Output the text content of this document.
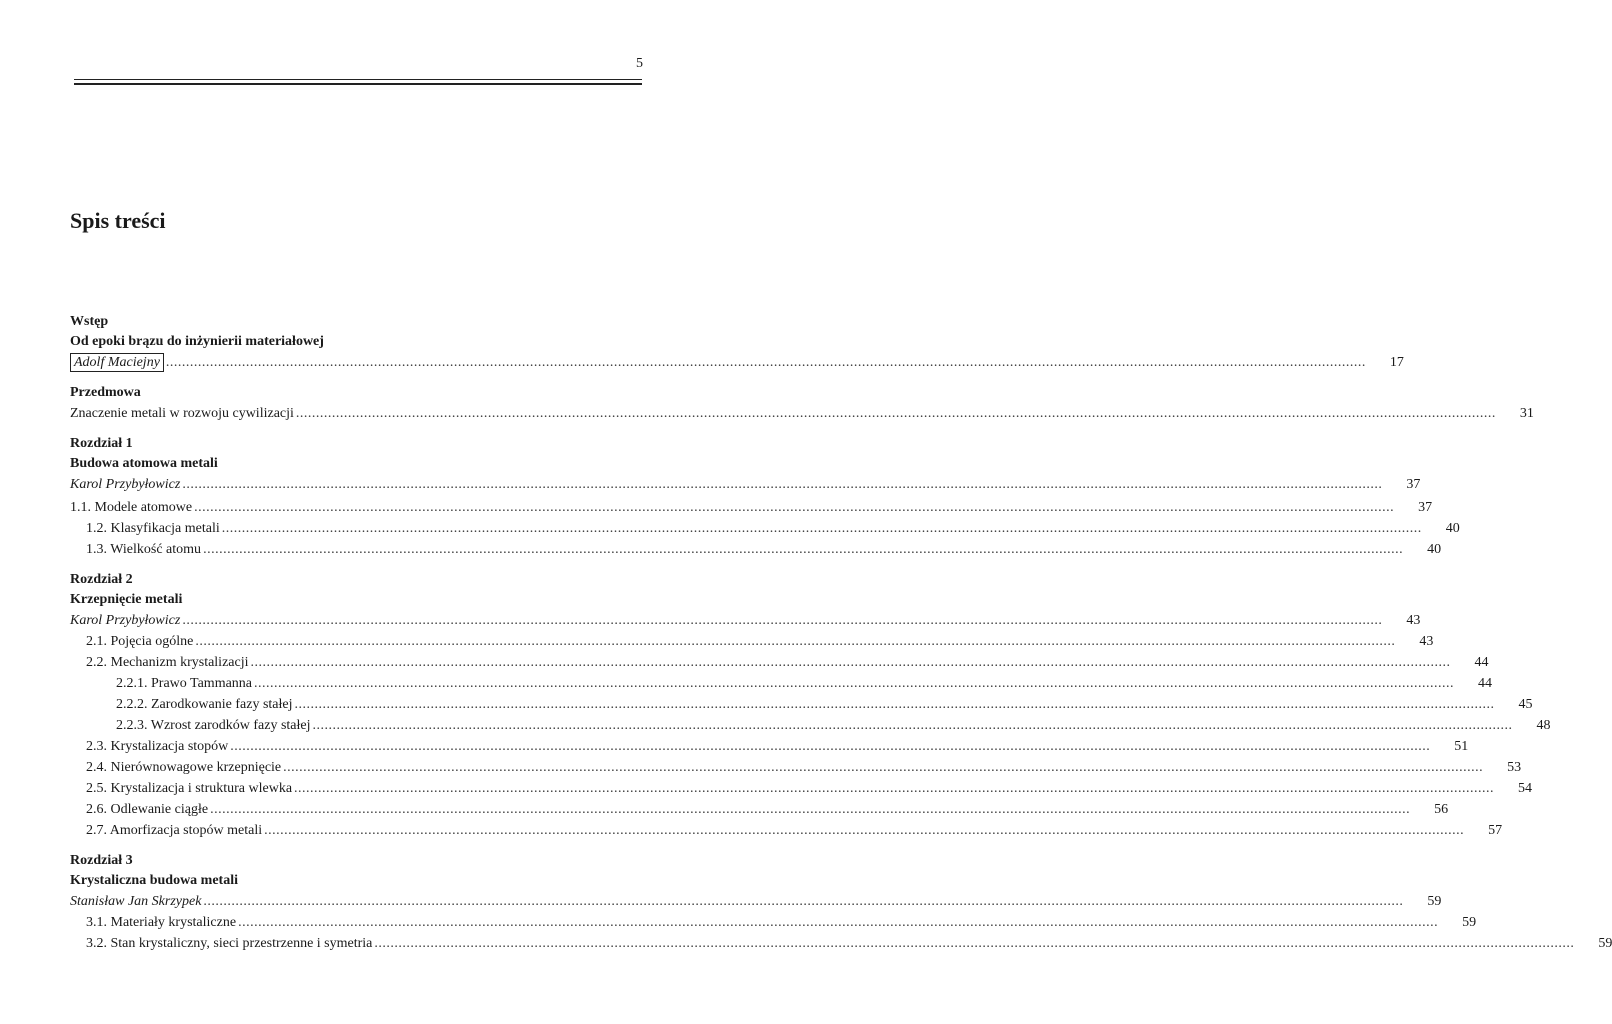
5
Spis treści
Wstęp
Od epoki brązu do inżynierii materiałowej
Adolf Maciejny ............................................................................................................................................................................................................................................................................................................	17
Przedmowa
Znaczenie metali w rozwoju cywilizacji ............................................................................................................................................................................................................................................................................................................	31
Rozdział 1
Budowa atomowa metali
Karol Przybyłowicz ............................................................................................................................................................................................................................................................................................................	37
1.1. Modele atomowe ............................................................................................................................................................................................................................................................................................................	37
1.2. Klasyfikacja metali ............................................................................................................................................................................................................................................................................................................	40
1.3. Wielkość atomu ............................................................................................................................................................................................................................................................................................................	40
Rozdział 2
Krzepnięcie metali
Karol Przybyłowicz ............................................................................................................................................................................................................................................................................................................	43
2.1. Pojęcia ogólne ............................................................................................................................................................................................................................................................................................................	43
2.2. Mechanizm krystalizacji ............................................................................................................................................................................................................................................................................................................	44
2.2.1. Prawo Tammanna ............................................................................................................................................................................................................................................................................................................	44
2.2.2. Zarodkowanie fazy stałej ............................................................................................................................................................................................................................................................................................................	45
2.2.3. Wzrost zarodków fazy stałej ............................................................................................................................................................................................................................................................................................................	48
2.3. Krystalizacja stopów ............................................................................................................................................................................................................................................................................................................	51
2.4. Nierównowagowe krzepnięcie ............................................................................................................................................................................................................................................................................................................	53
2.5. Krystalizacja i struktura wlewka ............................................................................................................................................................................................................................................................................................................	54
2.6. Odlewanie ciągłe ............................................................................................................................................................................................................................................................................................................	56
2.7. Amorfizacja stopów metali ............................................................................................................................................................................................................................................................................................................	57
Rozdział 3
Krystaliczna budowa metali
Stanisław Jan Skrzypek ............................................................................................................................................................................................................................................................................................................	59
3.1. Materiały krystaliczne ............................................................................................................................................................................................................................................................................................................	59
3.2. Stan krystaliczny, sieci przestrzenne i symetria ............................................................................................................................................................................................................................................................................................................	59
